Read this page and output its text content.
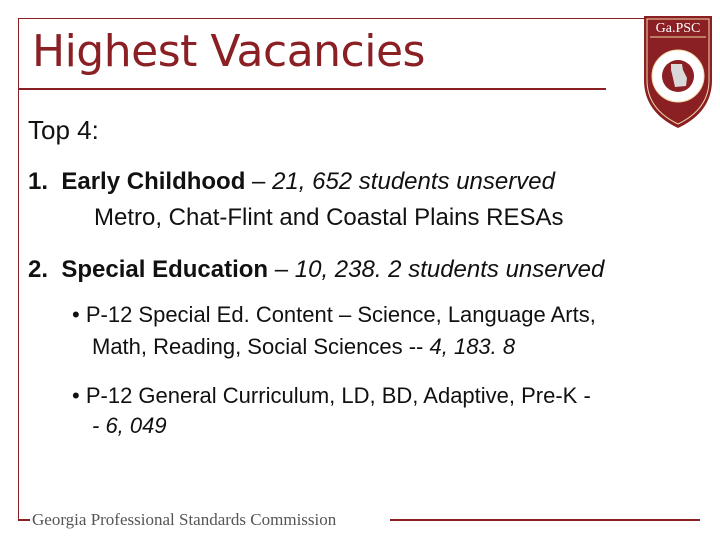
Highest Vacancies	Ga.PSC
Top 4:
1. Early Childhood – 21, 652 students unserved
Metro, Chat-Flint and Coastal Plains RESAs
2. Special Education – 10, 238. 2 students unserved
• P-12 Special Ed. Content – Science, Language Arts,
Math, Reading, Social Sciences -- 4, 183. 8
• P-12 General Curriculum, LD, BD, Adaptive, Pre-K -
- 6, 049
Georgia Professional Standards Commission
